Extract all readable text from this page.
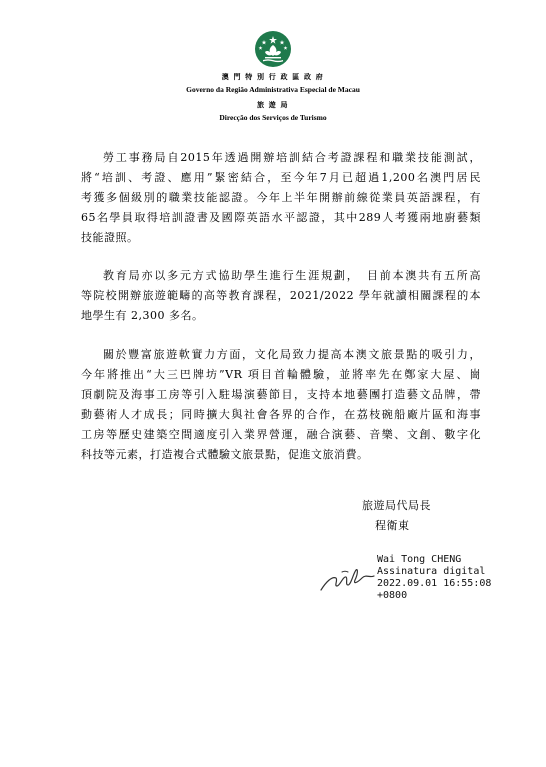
澳 門 特 別 行 政 區 政 府
Governo da Região Administrativa Especial de Macau
旅 遊 局
Direcção dos Serviços de Turismo
勞工事務局自2015年透過開辦培訓結合考證課程和職業技能測試，
將“培訓、考證、應用”緊密結合，至今年7月已超過1,200名澳門居民
考獲多個級別的職業技能認證。今年上半年開辦前線從業員英語課程，有
65名學員取得培訓證書及國際英語水平認證，其中289人考獲兩地廚藝類
技能證照。
教育局亦以多元方式協助學生進行生涯規劃，　目前本澳共有五所高
等院校開辦旅遊範疇的高等教育課程，2021/2022 學年就讀相關課程的本
地學生有 2,300 多名。
關於豐富旅遊軟實力方面，文化局致力提高本澳文旅景點的吸引力，
今年將推出“大三巴牌坊”VR 項目首輪體驗，並將率先在鄭家大屋、崗
頂劇院及海事工房等引入駐場演藝節目，支持本地藝團打造藝文品牌，帶
動藝術人才成長；同時擴大與社會各界的合作，在荔枝碗船廠片區和海事
工房等歷史建築空間適度引入業界營運，融合演藝、音樂、文創、數字化
科技等元素，打造複合式體驗文旅景點，促進文旅消費。
旅遊局代局長
程衛東
Wai Tong CHENG
Assinatura digital
2022.09.01 16:55:08
+0800
